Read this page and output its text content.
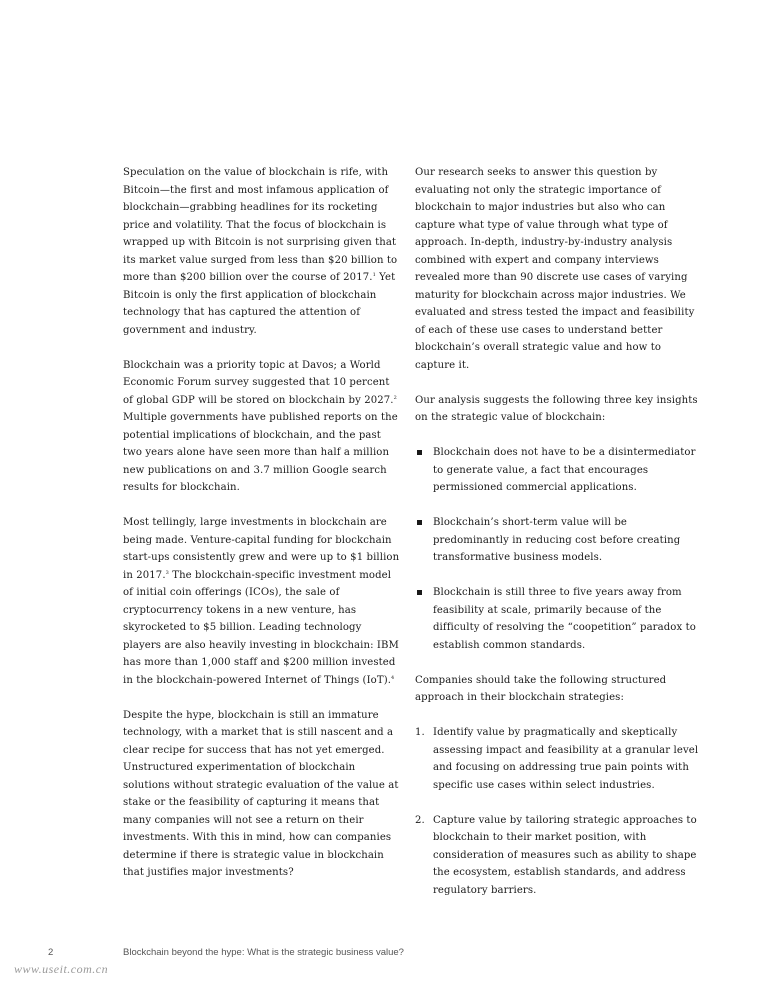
Speculation on the value of blockchain is rife, with Bitcoin—the first and most infamous application of blockchain—grabbing headlines for its rocketing price and volatility. That the focus of blockchain is wrapped up with Bitcoin is not surprising given that its market value surged from less than $20 billion to more than $200 billion over the course of 2017.$^1$ Yet Bitcoin is only the first application of blockchain technology that has captured the attention of government and industry.

Blockchain was a priority topic at Davos; a World Economic Forum survey suggested that 10 percent of global GDP will be stored on blockchain by 2027.$^2$ Multiple governments have published reports on the potential implications of blockchain, and the past two years alone have seen more than half a million new publications on and 3.7 million Google search results for blockchain.

Most tellingly, large investments in blockchain are being made. Venture-capital funding for blockchain start-ups consistently grew and were up to $1 billion in 2017.$^3$ The blockchain-specific investment model of initial coin offerings (ICOs), the sale of cryptocurrency tokens in a new venture, has skyrocketed to $5 billion. Leading technology players are also heavily investing in blockchain: IBM has more than 1,000 staff and $200 million invested in the blockchain-powered Internet of Things (IoT).$^4$

Despite the hype, blockchain is still an immature technology, with a market that is still nascent and a clear recipe for success that has not yet emerged. Unstructured experimentation of blockchain solutions without strategic evaluation of the value at stake or the feasibility of capturing it means that many companies will not see a return on their investments. With this in mind, how can companies determine if there is strategic value in blockchain that justifies major investments?

Our research seeks to answer this question by evaluating not only the strategic importance of blockchain to major industries but also who can capture what type of value through what type of approach. In-depth, industry-by-industry analysis combined with expert and company interviews revealed more than 90 discrete use cases of varying maturity for blockchain across major industries. We evaluated and stress tested the impact and feasibility of each of these use cases to understand better blockchain’s overall strategic value and how to capture it.

Our analysis suggests the following three key insights on the strategic value of blockchain:

Blockchain does not have to be a disintermediator to generate value, a fact that encourages permissioned commercial applications.
Blockchain’s short-term value will be predominantly in reducing cost before creating transformative business models.
Blockchain is still three to five years away from feasibility at scale, primarily because of the difficulty of resolving the “coopetition” paradox to establish common standards.

Companies should take the following structured approach in their blockchain strategies:

1. Identify value by pragmatically and skeptically assessing impact and feasibility at a granular level and focusing on addressing true pain points with specific use cases within select industries.
2. Capture value by tailoring strategic approaches to blockchain to their market position, with consideration of measures such as ability to shape the ecosystem, establish standards, and address regulatory barriers.
2	Blockchain beyond the hype: What is the strategic business value?
www.useit.com.cn
